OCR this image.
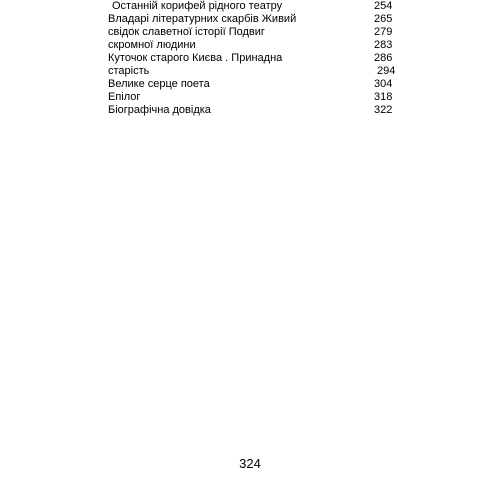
Останній корифей рідного театру
Владарі літературних скарбів Живий
свідок славетної історії Подвиг
скромної людини
Куточок старого Києва . Принадна
старість
Велике серце поета
Епілог
Біографічна довідка
254
265
279
283
286
294
304
318
322
324
